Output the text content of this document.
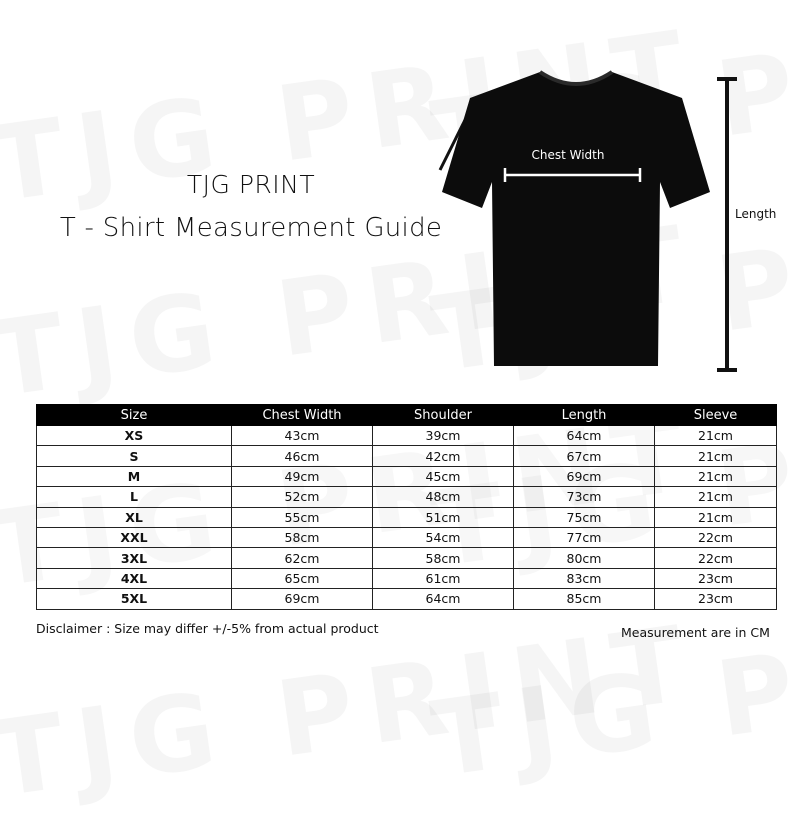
TJG PRINT
T - Shirt Measurement Guide
Chest Width
Length
Size	Chest Width	Shoulder	Length	Sleeve
XS	43cm	39cm	64cm	21cm
S	46cm	42cm	67cm	21cm
M	49cm	45cm	69cm	21cm
L	52cm	48cm	73cm	21cm
XL	55cm	51cm	75cm	21cm
XXL	58cm	54cm	77cm	22cm
3XL	62cm	58cm	80cm	22cm
4XL	65cm	61cm	83cm	23cm
5XL	69cm	64cm	85cm	23cm
Disclaimer : Size may differ +/-5% from actual product	Measurement are in CM
